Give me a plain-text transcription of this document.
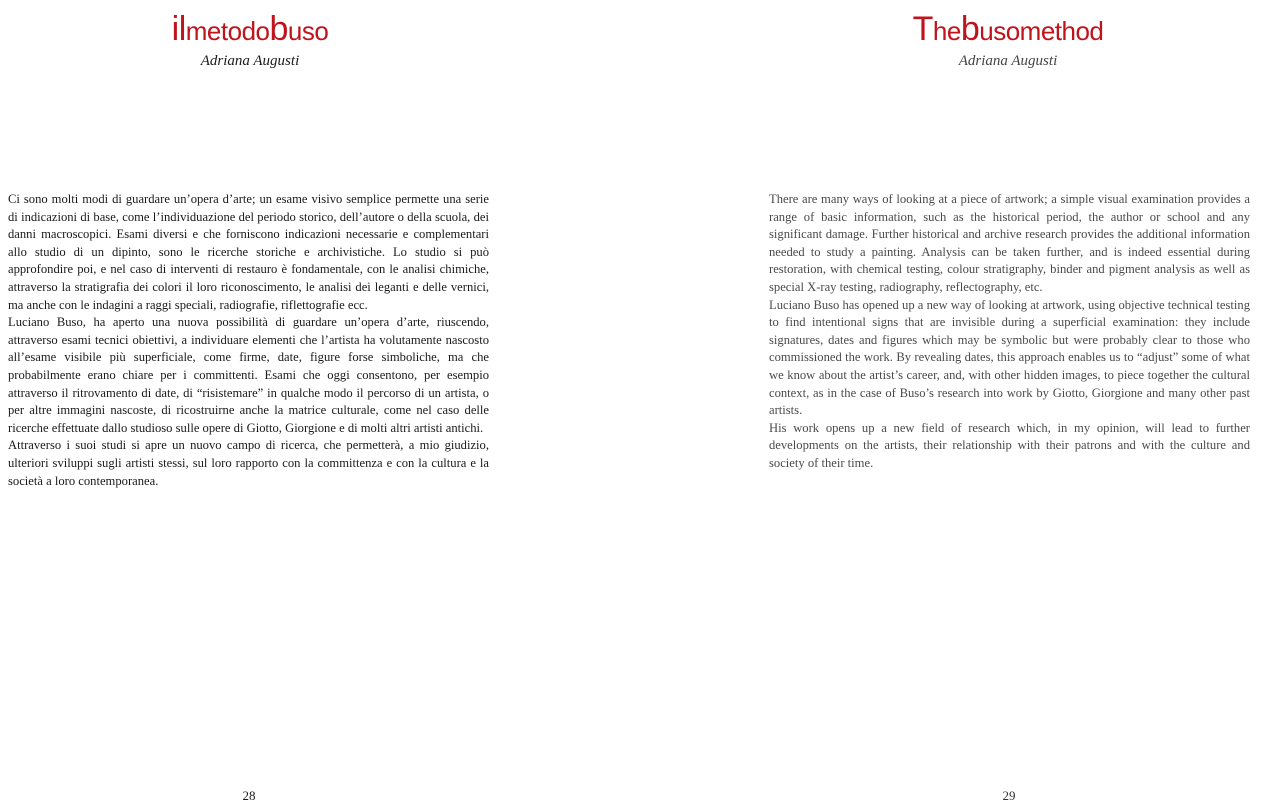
ilmetodobuso
Adriana Augusti

Ci sono molti modi di guardare un’opera d’arte; un esame visivo semplice permette una serie di indicazioni di base, come l’individuazione del periodo storico, dell’autore o della scuola, dei danni macroscopici. Esami diversi e che forniscono indicazioni necessarie e complementari allo studio di un dipinto, sono le ricerche storiche e archivistiche. Lo studio si può approfondire poi, e nel caso di interventi di restauro è fondamentale, con le analisi chimiche, attraverso la stratigrafia dei colori il loro riconoscimento, le analisi dei leganti e delle vernici, ma anche con le indagini a raggi speciali, radiografie, riflettografie ecc.

Luciano Buso, ha aperto una nuova possibilità di guardare un’opera d’arte, riuscendo, attraverso esami tecnici obiettivi, a individuare elementi che l’artista ha volutamente nascosto all’esame visibile più superficiale, come firme, date, figure forse simboliche, ma che probabilmente erano chiare per i committenti. Esami che oggi consentono, per esempio attraverso il ritrovamento di date, di “risistemare” in qualche modo il percorso di un artista, o per altre immagini nascoste, di ricostruirne anche la matrice culturale, come nel caso delle ricerche effettuate dallo studioso sulle opere di Giotto, Giorgione e di molti altri artisti antichi.

Attraverso i suoi studi si apre un nuovo campo di ricerca, che permetterà, a mio giudizio, ulteriori sviluppi sugli artisti stessi, sul loro rapporto con la committenza e con la cultura e la società a loro contemporanea.

28
Thebusomethod
Adriana Augusti

There are many ways of looking at a piece of artwork; a simple visual examination provides a range of basic information, such as the historical period, the author or school and any significant damage. Further historical and archive research provides the additional information needed to study a painting. Analysis can be taken further, and is indeed essential during restoration, with chemical testing, colour stratigraphy, binder and pigment analysis as well as special X-ray testing, radiography, reflectography, etc.

Luciano Buso has opened up a new way of looking at artwork, using objective technical testing to find intentional signs that are invisible during a superficial examination: they include signatures, dates and figures which may be symbolic but were probably clear to those who commissioned the work. By revealing dates, this approach enables us to “adjust” some of what we know about the artist’s career, and, with other hidden images, to piece together the cultural context, as in the case of Buso’s research into work by Giotto, Giorgione and many other past artists.

His work opens up a new field of research which, in my opinion, will lead to further developments on the artists, their relationship with their patrons and with the culture and society of their time.

29
